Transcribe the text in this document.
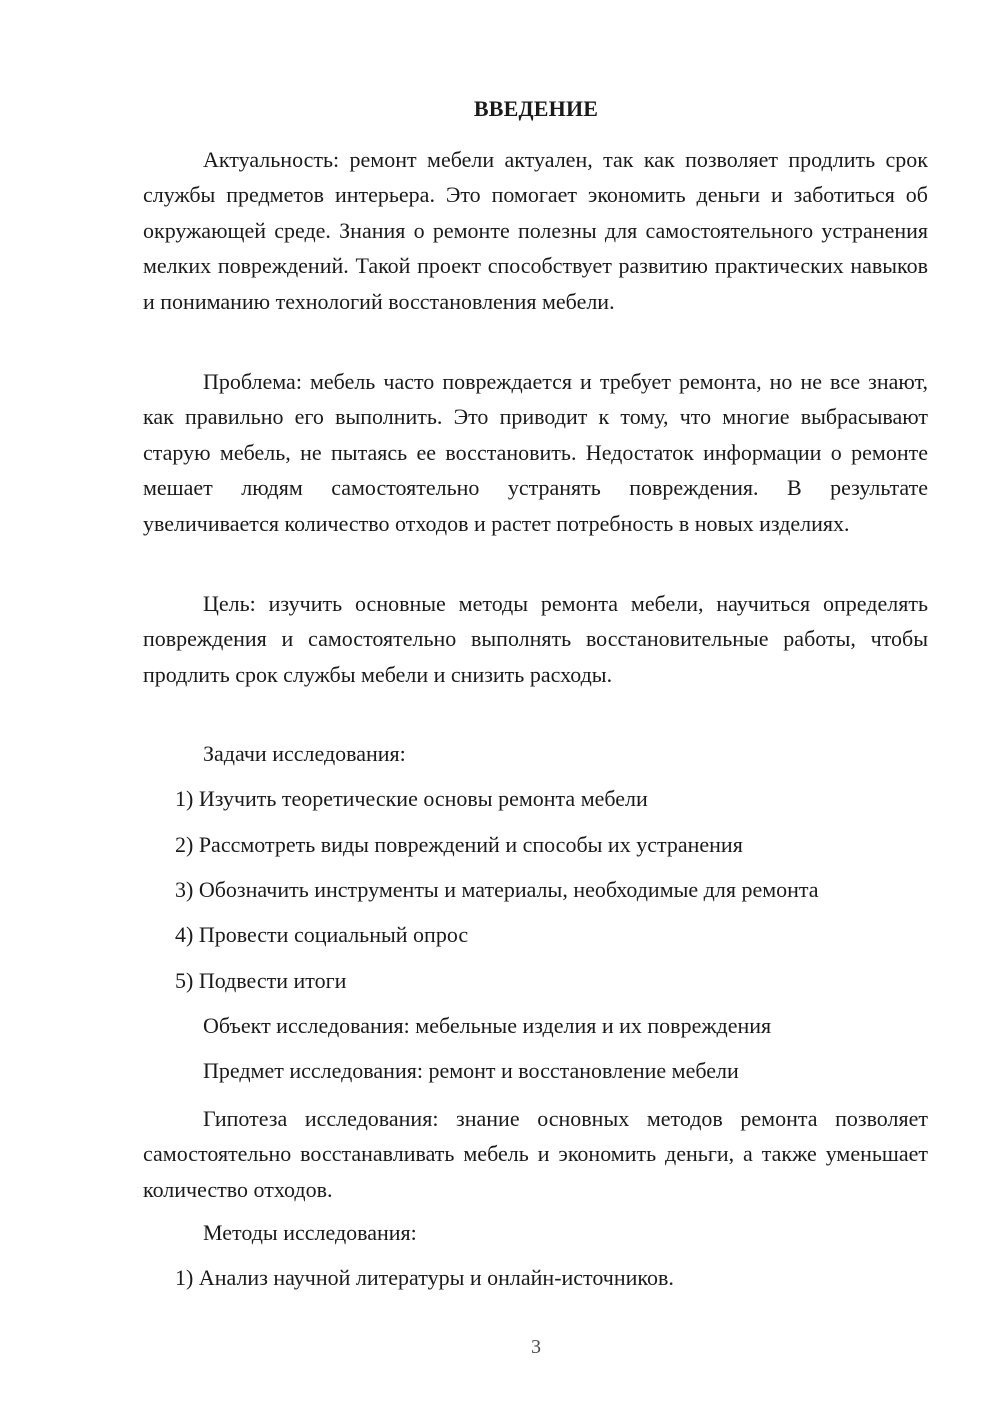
ВВЕДЕНИЕ

Актуальность: ремонт мебели актуален, так как позволяет продлить срок службы предметов интерьера. Это помогает экономить деньги и заботиться об окружающей среде. Знания о ремонте полезны для самостоятельного устранения мелких повреждений. Такой проект способствует развитию практических навыков и пониманию технологий восстановления мебели.

Проблема: мебель часто повреждается и требует ремонта, но не все знают, как правильно его выполнить. Это приводит к тому, что многие выбрасывают старую мебель, не пытаясь ее восстановить. Недостаток информации о ремонте мешает людям самостоятельно устранять повреждения. В результате увеличивается количество отходов и растет потребность в новых изделиях.

Цель: изучить основные методы ремонта мебели, научиться определять повреждения и самостоятельно выполнять восстановительные работы, чтобы продлить срок службы мебели и снизить расходы.

Задачи исследования:

1) Изучить теоретические основы ремонта мебели

2) Рассмотреть виды повреждений и способы их устранения

3) Обозначить инструменты и материалы, необходимые для ремонта

4) Провести социальный опрос

5) Подвести итоги

Объект исследования: мебельные изделия и их повреждения

Предмет исследования: ремонт и восстановление мебели

Гипотеза исследования: знание основных методов ремонта позволяет самостоятельно восстанавливать мебель и экономить деньги, а также уменьшает количество отходов.

Методы исследования:

1) Анализ научной литературы и онлайн-источников.

3
